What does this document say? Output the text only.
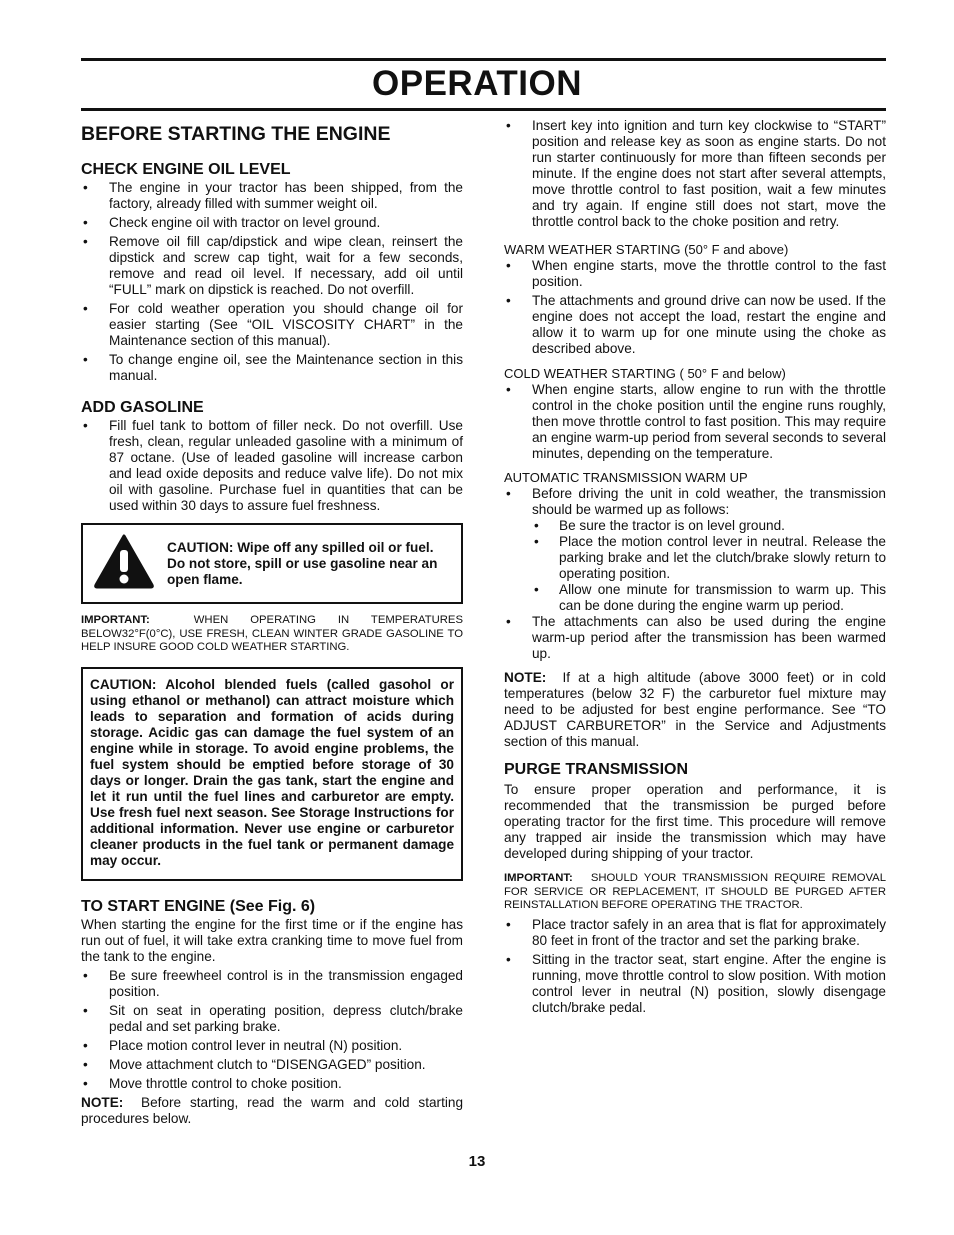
OPERATION
BEFORE STARTING THE ENGINE
CHECK ENGINE OIL LEVEL
• The engine in your tractor has been shipped, from the factory, already filled with summer weight oil.
• Check engine oil with tractor on level ground.
• Remove oil fill cap/dipstick and wipe clean, reinsert the dipstick and screw cap tight, wait for a few seconds, remove and read oil level. If necessary, add oil until “FULL” mark on dipstick is reached. Do not overfill.
• For cold weather operation you should change oil for easier starting (See “OIL VISCOSITY CHART” in the Maintenance section of this manual).
• To change engine oil, see the Maintenance section in this manual.
ADD GASOLINE
• Fill fuel tank to bottom of filler neck. Do not overfill. Use fresh, clean, regular unleaded gasoline with a minimum of 87 octane. (Use of leaded gasoline will increase carbon and lead oxide deposits and reduce valve life). Do not mix oil with gasoline. Purchase fuel in quantities that can be used within 30 days to assure fuel freshness.
CAUTION: Wipe off any spilled oil or fuel. Do not store, spill or use gasoline near an open flame.

IMPORTANT:	WHEN OPERATING IN TEMPERATURES BELOW32°F(0°C), USE FRESH, CLEAN WINTER GRADE GASOLINE TO HELP INSURE GOOD COLD WEATHER STARTING.

CAUTION: Alcohol blended fuels (called gasohol or using ethanol or methanol) can attract moisture which leads to separation and formation of acids during storage. Acidic gas can damage the fuel system of an engine while in storage. To avoid engine problems, the fuel system should be emptied before storage of 30 days or longer. Drain the gas tank, start the engine and let it run until the fuel lines and carburetor are empty. Use fresh fuel next season. See Storage Instructions for additional information. Never use engine or carburetor cleaner products in the fuel tank or permanent damage may occur.
TO START ENGINE (See Fig. 6)

When starting the engine for the first time or if the engine has run out of fuel, it will take extra cranking time to move fuel from the tank to the engine.

• Be sure freewheel control is in the transmission engaged position.
• Sit on seat in operating position, depress clutch/brake pedal and set parking brake.
• Place motion control lever in neutral (N) position.
• Move attachment clutch to “DISENGAGED” position.
• Move throttle control to choke position.

NOTE: Before starting, read the warm and cold starting procedures below.

• Insert key into ignition and turn key clockwise to “START” position and release key as soon as engine starts. Do not run starter continuously for more than fifteen seconds per minute. If the engine does not start after several attempts, move throttle control to fast position, wait a few minutes and try again. If engine still does not start, move the throttle control back to the choke position and retry.

WARM WEATHER STARTING (50° F and above)

• When engine starts, move the throttle control to the fast position.
• The attachments and ground drive can now be used. If the engine does not accept the load, restart the engine and allow it to warm up for one minute using the choke as described above.

COLD WEATHER STARTING ( 50° F and below)

• When engine starts, allow engine to run with the throttle control in the choke position until the engine runs roughly, then move throttle control to fast position. This may require an engine warm-up period from several seconds to several minutes, depending on the temperature.

AUTOMATIC TRANSMISSION WARM UP

• Before driving the unit in cold weather, the transmission should be warmed up as follows:
• Be sure the tractor is on level ground.
• Place the motion control lever in neutral. Release the parking brake and let the clutch/brake slowly return to operating position.
• Allow one minute for transmission to warm up. This can be done during the engine warm up period.
• The attachments can also be used during the engine warm-up period after the transmission has been warmed up.

NOTE: If at a high altitude (above 3000 feet) or in cold temperatures (below 32 F) the carburetor fuel mixture may need to be adjusted for best engine performance. See “TO ADJUST CARBURETOR” in the Service and Adjustments section of this manual.

PURGE TRANSMISSION

To ensure proper operation and performance, it is recommended that the transmission be purged before operating tractor for the first time. This procedure will remove any trapped air inside the transmission which may have developed during shipping of your tractor.

IMPORTANT: SHOULD YOUR TRANSMISSION REQUIRE REMOVAL FOR SERVICE OR REPLACEMENT, IT SHOULD BE PURGED AFTER REINSTALLATION BEFORE OPERATING THE TRACTOR.

• Place tractor safely in an area that is flat for approximately 80 feet in front of the tractor and set the parking brake.
• Sitting in the tractor seat, start engine. After the engine is running, move throttle control to slow position. With motion control lever in neutral (N) position, slowly disengage clutch/brake pedal.
13
